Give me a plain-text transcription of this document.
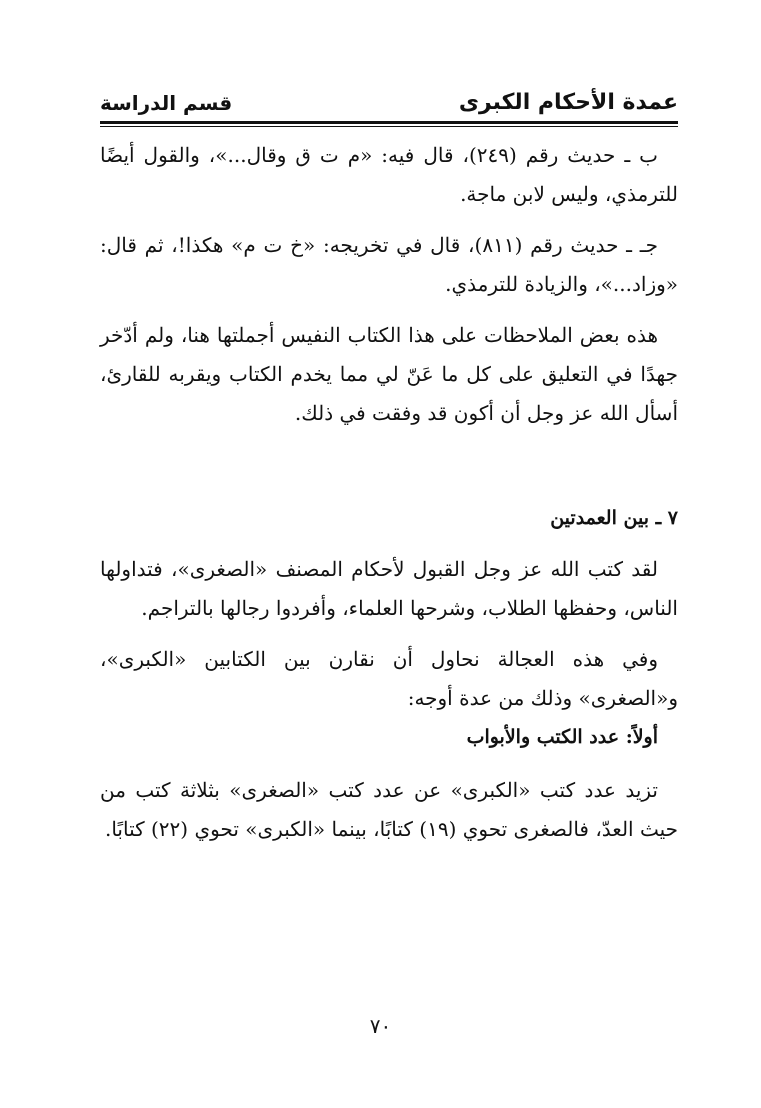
عمدة الأحكام الكبرى
قسم الدراسة

ب ـ حديث رقم (٢٤٩)، قال فيه: «م ت ق وقال...»، والقول أيضًا للترمذي، وليس لابن ماجة.

جـ ـ حديث رقم (٨١١)، قال في تخريجه: «خ ت م» هكذا!، ثم قال: «وزاد...»، والزيادة للترمذي.

هذه بعض الملاحظات على هذا الكتاب النفيس أجملتها هنا، ولم أدّخر جهدًا في التعليق على كل ما عَنّ لي مما يخدم الكتاب ويقربه للقارئ، أسأل الله عز وجل أن أكون قد وفقت في ذلك.

٧ ـ بين العمدتين

لقد كتب الله عز وجل القبول لأحكام المصنف «الصغرى»، فتداولها الناس، وحفظها الطلاب، وشرحها العلماء، وأفردوا رجالها بالتراجم.

وفي هذه العجالة نحاول أن نقارن بين الكتابين «الكبرى»، و«الصغرى» وذلك من عدة أوجه:

أولاً: عدد الكتب والأبواب

تزيد عدد كتب «الكبرى» عن عدد كتب «الصغرى» بثلاثة كتب من حيث العدّ، فالصغرى تحوي (١٩) كتابًا، بينما «الكبرى» تحوي (٢٢) كتابًا.

٧٠
